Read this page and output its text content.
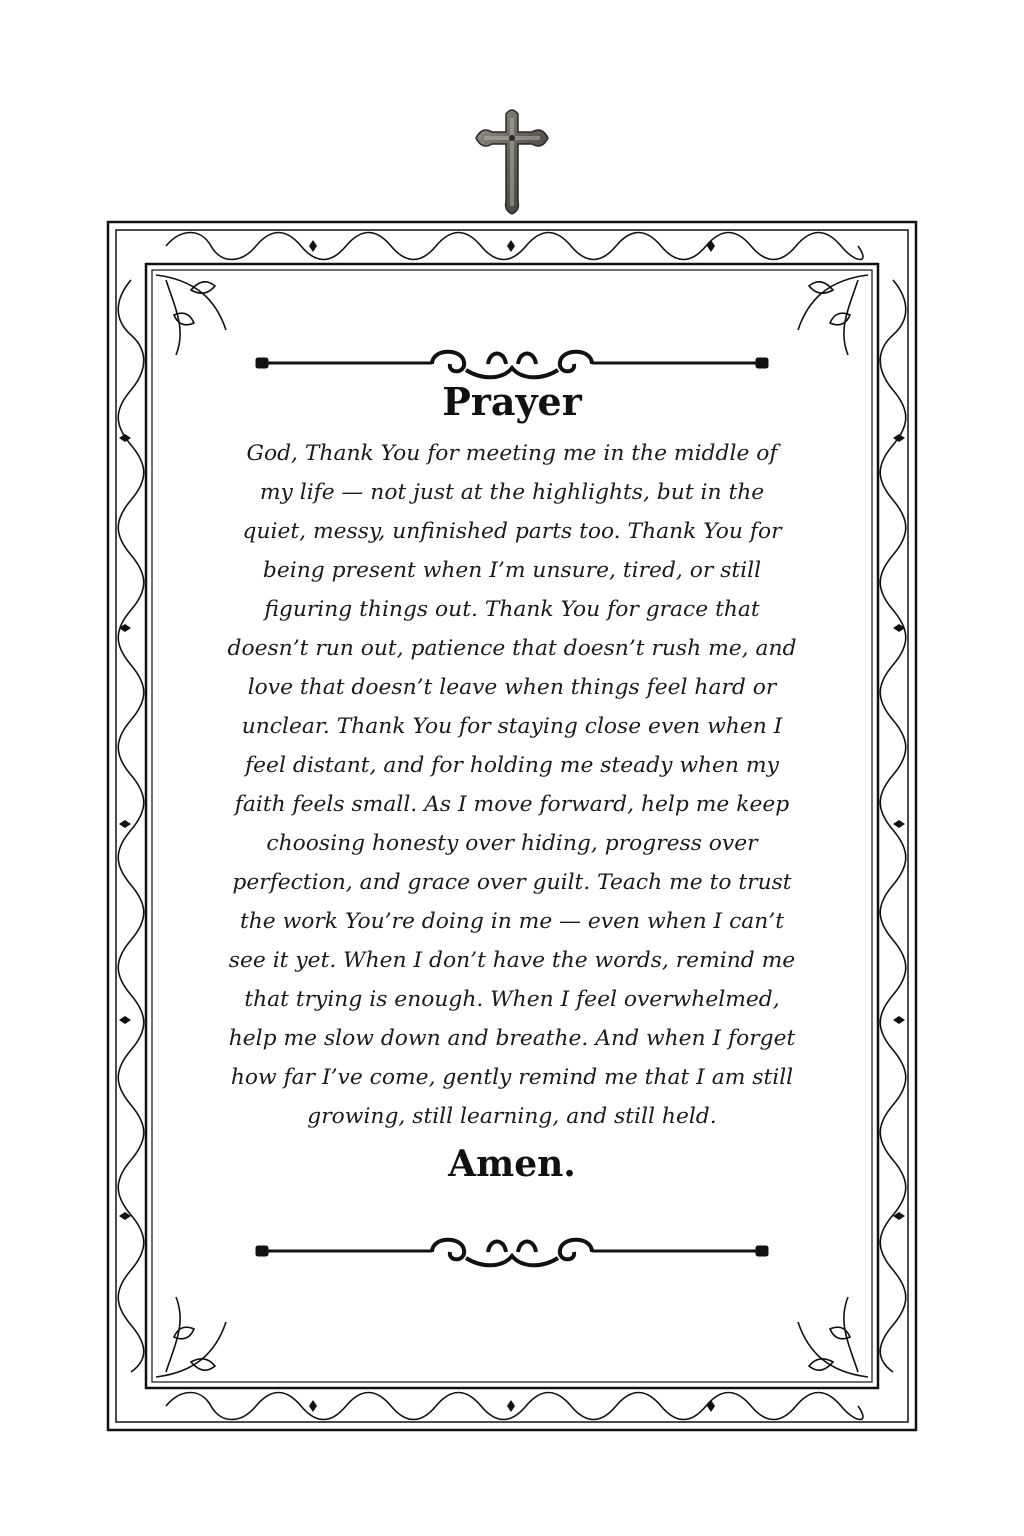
Prayer

God, Thank You for meeting me in the middle of
my life — not just at the highlights, but in the
quiet, messy, unfinished parts too. Thank You for
being present when I’m unsure, tired, or still
figuring things out. Thank You for grace that
doesn’t run out, patience that doesn’t rush me, and
love that doesn’t leave when things feel hard or
unclear. Thank You for staying close even when I
feel distant, and for holding me steady when my
faith feels small. As I move forward, help me keep
choosing honesty over hiding, progress over
perfection, and grace over guilt. Teach me to trust
the work You’re doing in me — even when I can’t
see it yet. When I don’t have the words, remind me
that trying is enough. When I feel overwhelmed,
help me slow down and breathe. And when I forget
how far I’ve come, gently remind me that I am still
growing, still learning, and still held.

Amen.
